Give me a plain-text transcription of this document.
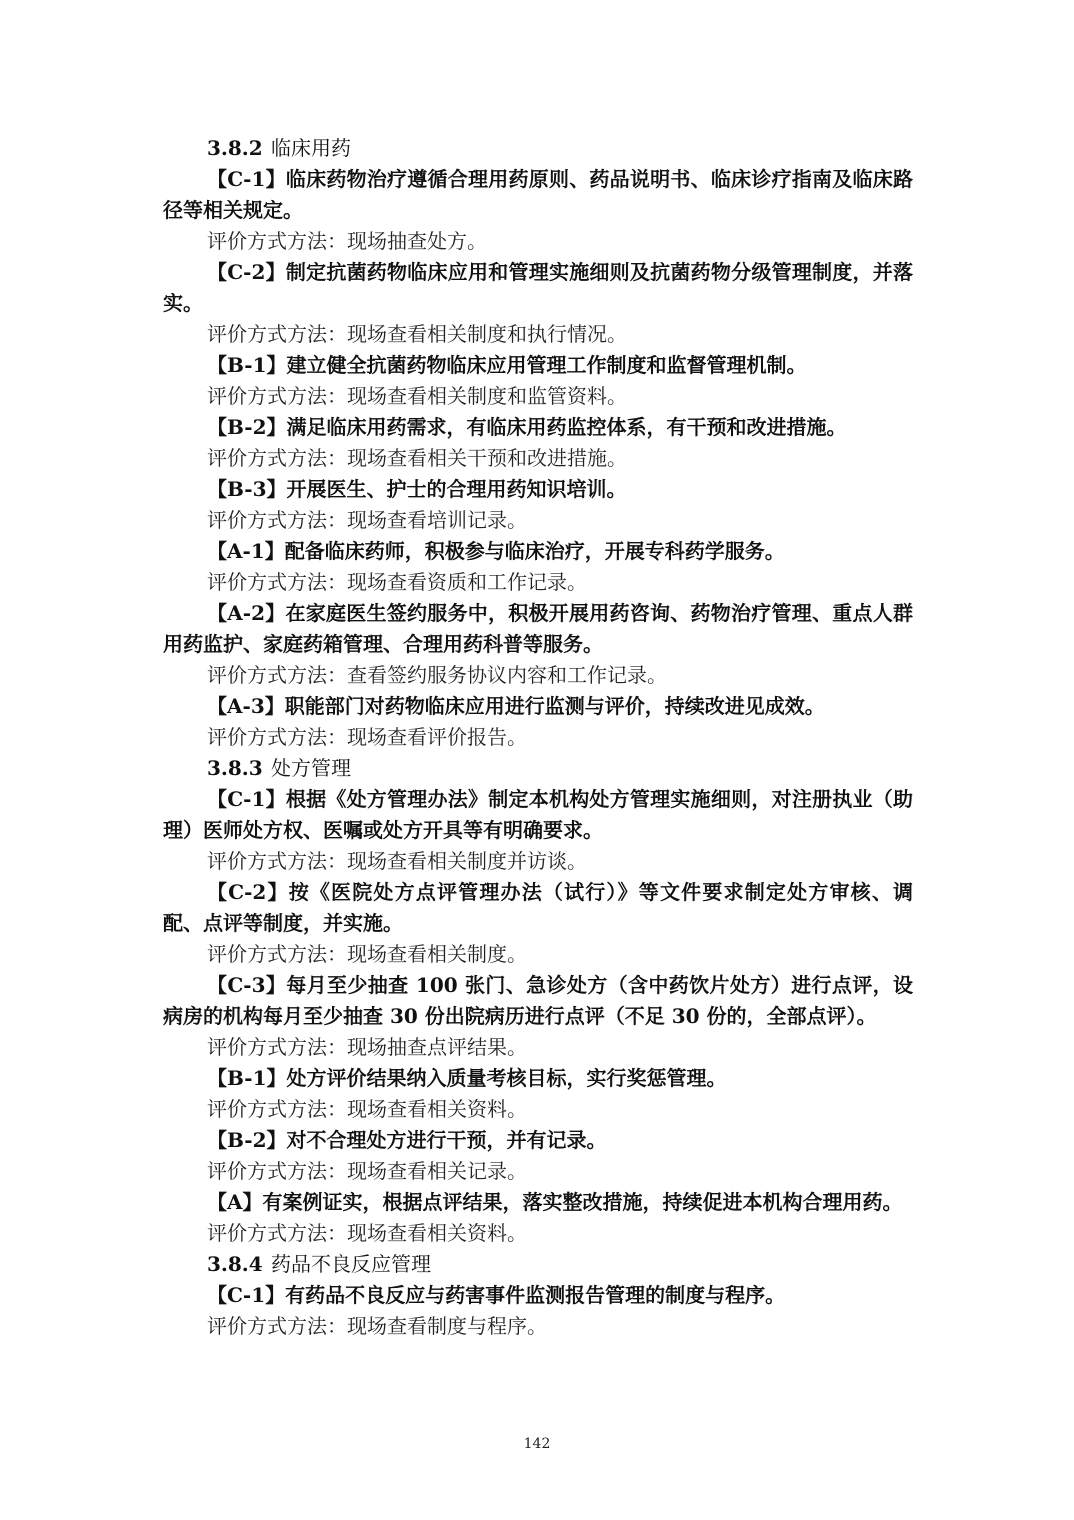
3.8.2 临床用药
【C-1】临床药物治疗遵循合理用药原则、药品说明书、临床诊疗指南及临床路径等相关规定。
评价方式方法：现场抽查处方。
【C-2】制定抗菌药物临床应用和管理实施细则及抗菌药物分级管理制度，并落实。
评价方式方法：现场查看相关制度和执行情况。
【B-1】建立健全抗菌药物临床应用管理工作制度和监督管理机制。
评价方式方法：现场查看相关制度和监管资料。
【B-2】满足临床用药需求，有临床用药监控体系，有干预和改进措施。
评价方式方法：现场查看相关干预和改进措施。
【B-3】开展医生、护士的合理用药知识培训。
评价方式方法：现场查看培训记录。
【A-1】配备临床药师，积极参与临床治疗，开展专科药学服务。
评价方式方法：现场查看资质和工作记录。
【A-2】在家庭医生签约服务中，积极开展用药咨询、药物治疗管理、重点人群用药监护、家庭药箱管理、合理用药科普等服务。
评价方式方法：查看签约服务协议内容和工作记录。
【A-3】职能部门对药物临床应用进行监测与评价，持续改进见成效。
评价方式方法：现场查看评价报告。
3.8.3 处方管理
【C-1】根据《处方管理办法》制定本机构处方管理实施细则，对注册执业（助理）医师处方权、医嘱或处方开具等有明确要求。
评价方式方法：现场查看相关制度并访谈。
【C-2】按《医院处方点评管理办法（试行）》等文件要求制定处方审核、调配、点评等制度，并实施。
评价方式方法：现场查看相关制度。
【C-3】每月至少抽查 100 张门、急诊处方（含中药饮片处方）进行点评，设病房的机构每月至少抽查 30 份出院病历进行点评（不足 30 份的，全部点评）。
评价方式方法：现场抽查点评结果。
【B-1】处方评价结果纳入质量考核目标，实行奖惩管理。
评价方式方法：现场查看相关资料。
【B-2】对不合理处方进行干预，并有记录。
评价方式方法：现场查看相关记录。
【A】有案例证实，根据点评结果，落实整改措施，持续促进本机构合理用药。
评价方式方法：现场查看相关资料。
3.8.4 药品不良反应管理
【C-1】有药品不良反应与药害事件监测报告管理的制度与程序。
评价方式方法：现场查看制度与程序。
142
